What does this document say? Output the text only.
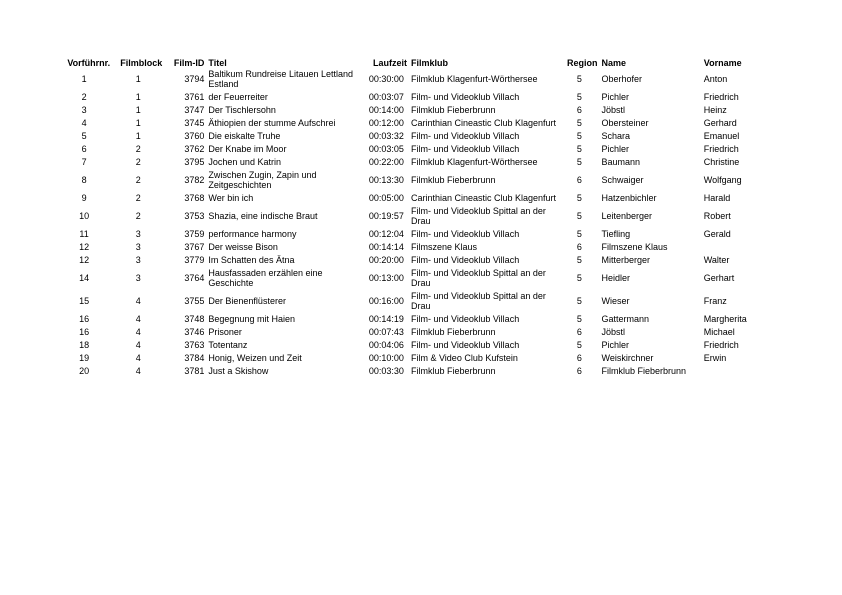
Vorführnr.	Filmblock	Film-ID	Titel	Laufzeit	Filmklub	Region	Name	Vorname
1	1	3794	Baltikum Rundreise Litauen Lettland Estland	00:30:00	Filmklub Klagenfurt-Wörthersee	5	Oberhofer	Anton
2	1	3761	der Feuerreiter	00:03:07	Film- und Videoklub Villach	5	Pichler	Friedrich
3	1	3747	Der Tischlersohn	00:14:00	Filmklub Fieberbrunn	6	Jöbstl	Heinz
4	1	3745	Äthiopien der stumme Aufschrei	00:12:00	Carinthian Cineastic Club Klagenfurt	5	Obersteiner	Gerhard
5	1	3760	Die eiskalte Truhe	00:03:32	Film- und Videoklub Villach	5	Schara	Emanuel
6	2	3762	Der Knabe im Moor	00:03:05	Film- und Videoklub Villach	5	Pichler	Friedrich
7	2	3795	Jochen und Katrin	00:22:00	Filmklub Klagenfurt-Wörthersee	5	Baumann	Christine
8	2	3782	Zwischen Zugin, Zapin und Zeitgeschichten	00:13:30	Filmklub Fieberbrunn	6	Schwaiger	Wolfgang
9	2	3768	Wer bin ich	00:05:00	Carinthian Cineastic Club Klagenfurt	5	Hatzenbichler	Harald
10	2	3753	Shazia, eine indische Braut	00:19:57	Film- und Videoklub Spittal an der Drau	5	Leitenberger	Robert
11	3	3759	performance harmony	00:12:04	Film- und Videoklub Villach	5	Tiefling	Gerald
12	3	3767	Der weisse Bison	00:14:14	Filmszene Klaus	6	Filmszene Klaus	
12	3	3779	Im Schatten des Ätna	00:20:00	Film- und Videoklub Villach	5	Mitterberger	Walter
14	3	3764	Hausfassaden erzählen eine Geschichte	00:13:00	Film- und Videoklub Spittal an der Drau	5	Heidler	Gerhart
15	4	3755	Der Bienenflüsterer	00:16:00	Film- und Videoklub Spittal an der Drau	5	Wieser	Franz
16	4	3748	Begegnung mit Haien	00:14:19	Film- und Videoklub Villach	5	Gattermann	Margherita
16	4	3746	Prisoner	00:07:43	Filmklub Fieberbrunn	6	Jöbstl	Michael
18	4	3763	Totentanz	00:04:06	Film- und Videoklub Villach	5	Pichler	Friedrich
19	4	3784	Honig, Weizen und Zeit	00:10:00	Film & Video Club Kufstein	6	Weiskirchner	Erwin
20	4	3781	Just a Skishow	00:03:30	Filmklub Fieberbrunn	6	Filmklub Fieberbrunn	
